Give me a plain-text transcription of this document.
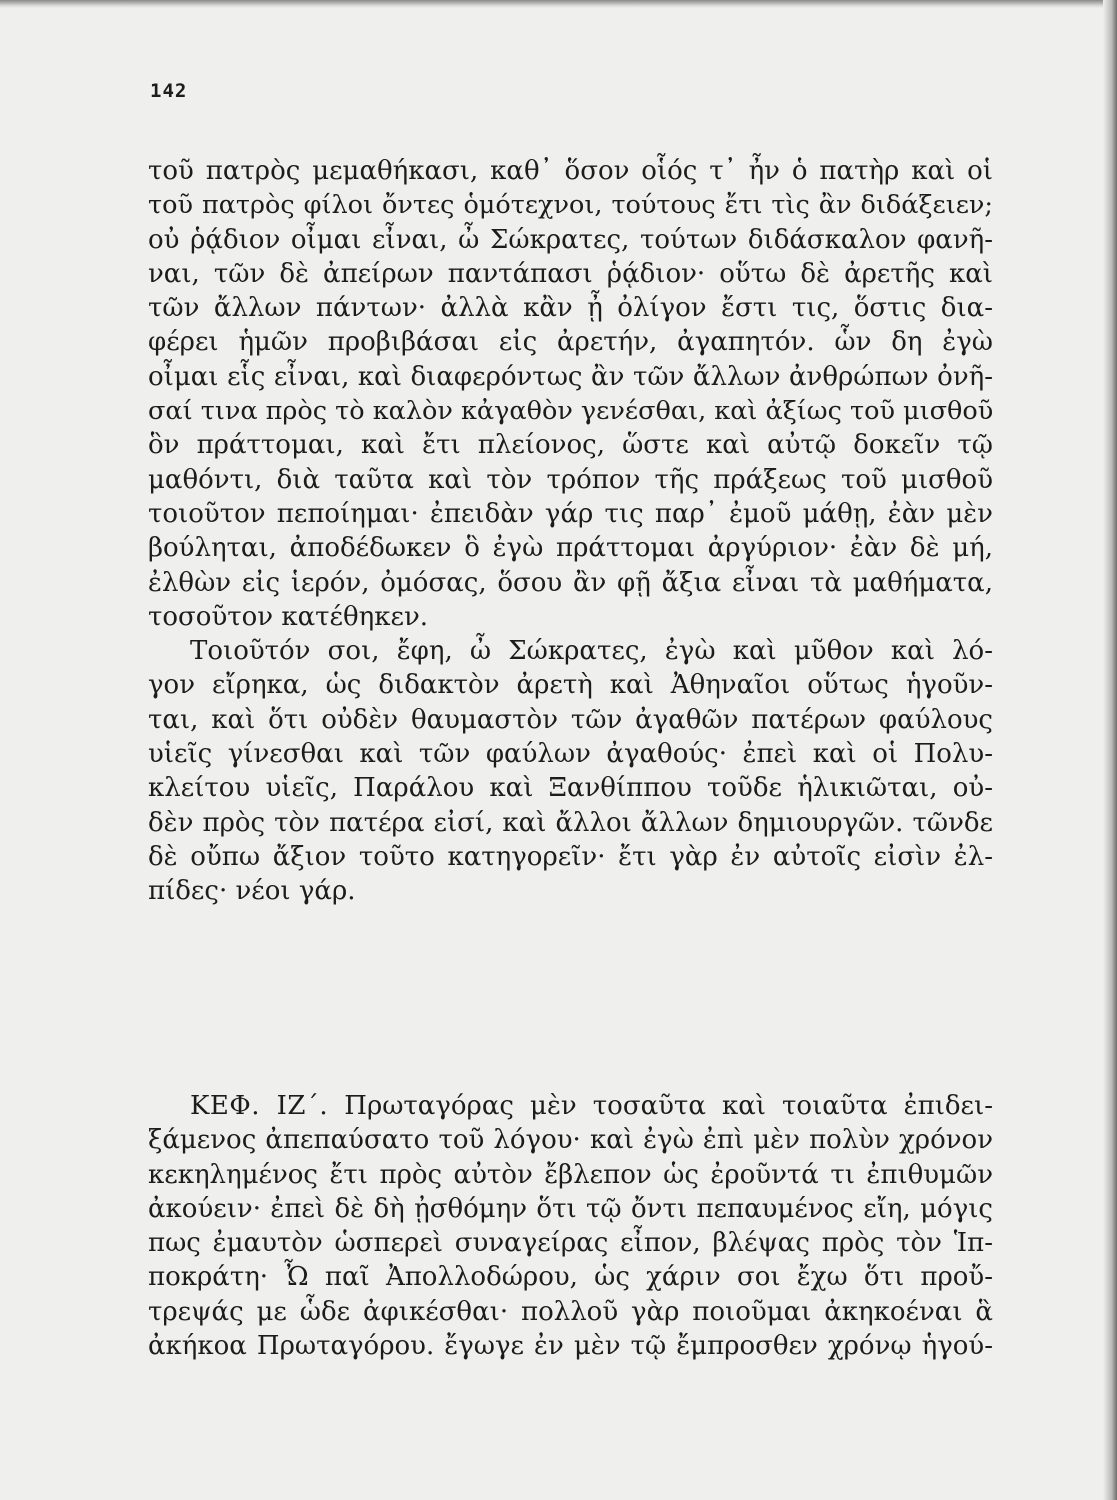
142
τοῦ πατρὸς μεμαθήκασι, καθ᾽ ὅσον οἷός τ᾽ ἦν ὁ πατὴρ καὶ οἱ
τοῦ πατρὸς φίλοι ὄντες ὁμότεχνοι, τούτους ἔτι τὶς ἂν διδάξειεν;
οὐ ῥᾴδιον οἶμαι εἶναι, ὦ Σώκρατες, τούτων διδάσκαλον φανῆ-
ναι, τῶν δὲ ἀπείρων παντάπασι ῥᾴδιον· οὕτω δὲ ἀρετῆς καὶ
τῶν ἄλλων πάντων· ἀλλὰ κἂν ᾖ ὀλίγον ἔστι τις, ὅστις δια-
φέρει ἡμῶν προβιβάσαι εἰς ἀρετήν, ἀγαπητόν. ὧν δη ἐγὼ
οἶμαι εἷς εἶναι, καὶ διαφερόντως ἂν τῶν ἄλλων ἀνθρώπων ὀνῆ-
σαί τινα πρὸς τὸ καλὸν κἀγαθὸν γενέσθαι, καὶ ἀξίως τοῦ μισθοῦ
ὃν πράττομαι, καὶ ἔτι πλείονος, ὥστε καὶ αὐτῷ δοκεῖν τῷ
μαθόντι, διὰ ταῦτα καὶ τὸν τρόπον τῆς πράξεως τοῦ μισθοῦ
τοιοῦτον πεποίημαι· ἐπειδὰν γάρ τις παρ᾽ ἐμοῦ μάθῃ, ἐὰν μὲν
βούληται, ἀποδέδωκεν ὃ ἐγὼ πράττομαι ἀργύριον· ἐὰν δὲ μή,
ἐλθὼν εἰς ἱερόν, ὀμόσας, ὅσου ἂν φῇ ἄξια εἶναι τὰ μαθήματα,
τοσοῦτον κατέθηκεν.
Τοιοῦτόν σοι, ἔφη, ὦ Σώκρατες, ἐγὼ καὶ μῦθον καὶ λό-
γον εἴρηκα, ὡς διδακτὸν ἀρετὴ καὶ Ἀθηναῖοι οὕτως ἡγοῦν-
ται, καὶ ὅτι οὐδὲν θαυμαστὸν τῶν ἀγαθῶν πατέρων φαύλους
υἱεῖς γίνεσθαι καὶ τῶν φαύλων ἀγαθούς· ἐπεὶ καὶ οἱ Πολυ-
κλείτου υἱεῖς, Παράλου καὶ Ξανθίππου τοῦδε ἡλικιῶται, οὐ-
δὲν πρὸς τὸν πατέρα εἰσί, καὶ ἄλλοι ἄλλων δημιουργῶν. τῶνδε
δὲ οὔπω ἄξιον τοῦτο κατηγορεῖν· ἔτι γὰρ ἐν αὐτοῖς εἰσὶν ἐλ-
πίδες· νέοι γάρ.
ΚΕΦ. ΙΖ΄. Πρωταγόρας μὲν τοσαῦτα καὶ τοιαῦτα ἐπιδει-
ξάμενος ἀπεπαύσατο τοῦ λόγου· καὶ ἐγὼ ἐπὶ μὲν πολὺν χρόνον
κεκηλημένος ἔτι πρὸς αὐτὸν ἔβλεπον ὡς ἐροῦντά τι ἐπιθυμῶν
ἀκούειν· ἐπεὶ δὲ δὴ ᾐσθόμην ὅτι τῷ ὄντι πεπαυμένος εἴη, μόγις
πως ἐμαυτὸν ὡσπερεὶ συναγείρας εἶπον, βλέψας πρὸς τὸν Ἱπ-
ποκράτη· Ὦ παῖ Ἀπολλοδώρου, ὡς χάριν σοι ἔχω ὅτι προὔ-
τρεψάς με ὧδε ἀφικέσθαι· πολλοῦ γὰρ ποιοῦμαι ἀκηκοέναι ἃ
ἀκήκοα Πρωταγόρου. ἔγωγε ἐν μὲν τῷ ἔμπροσθεν χρόνῳ ἡγού-
